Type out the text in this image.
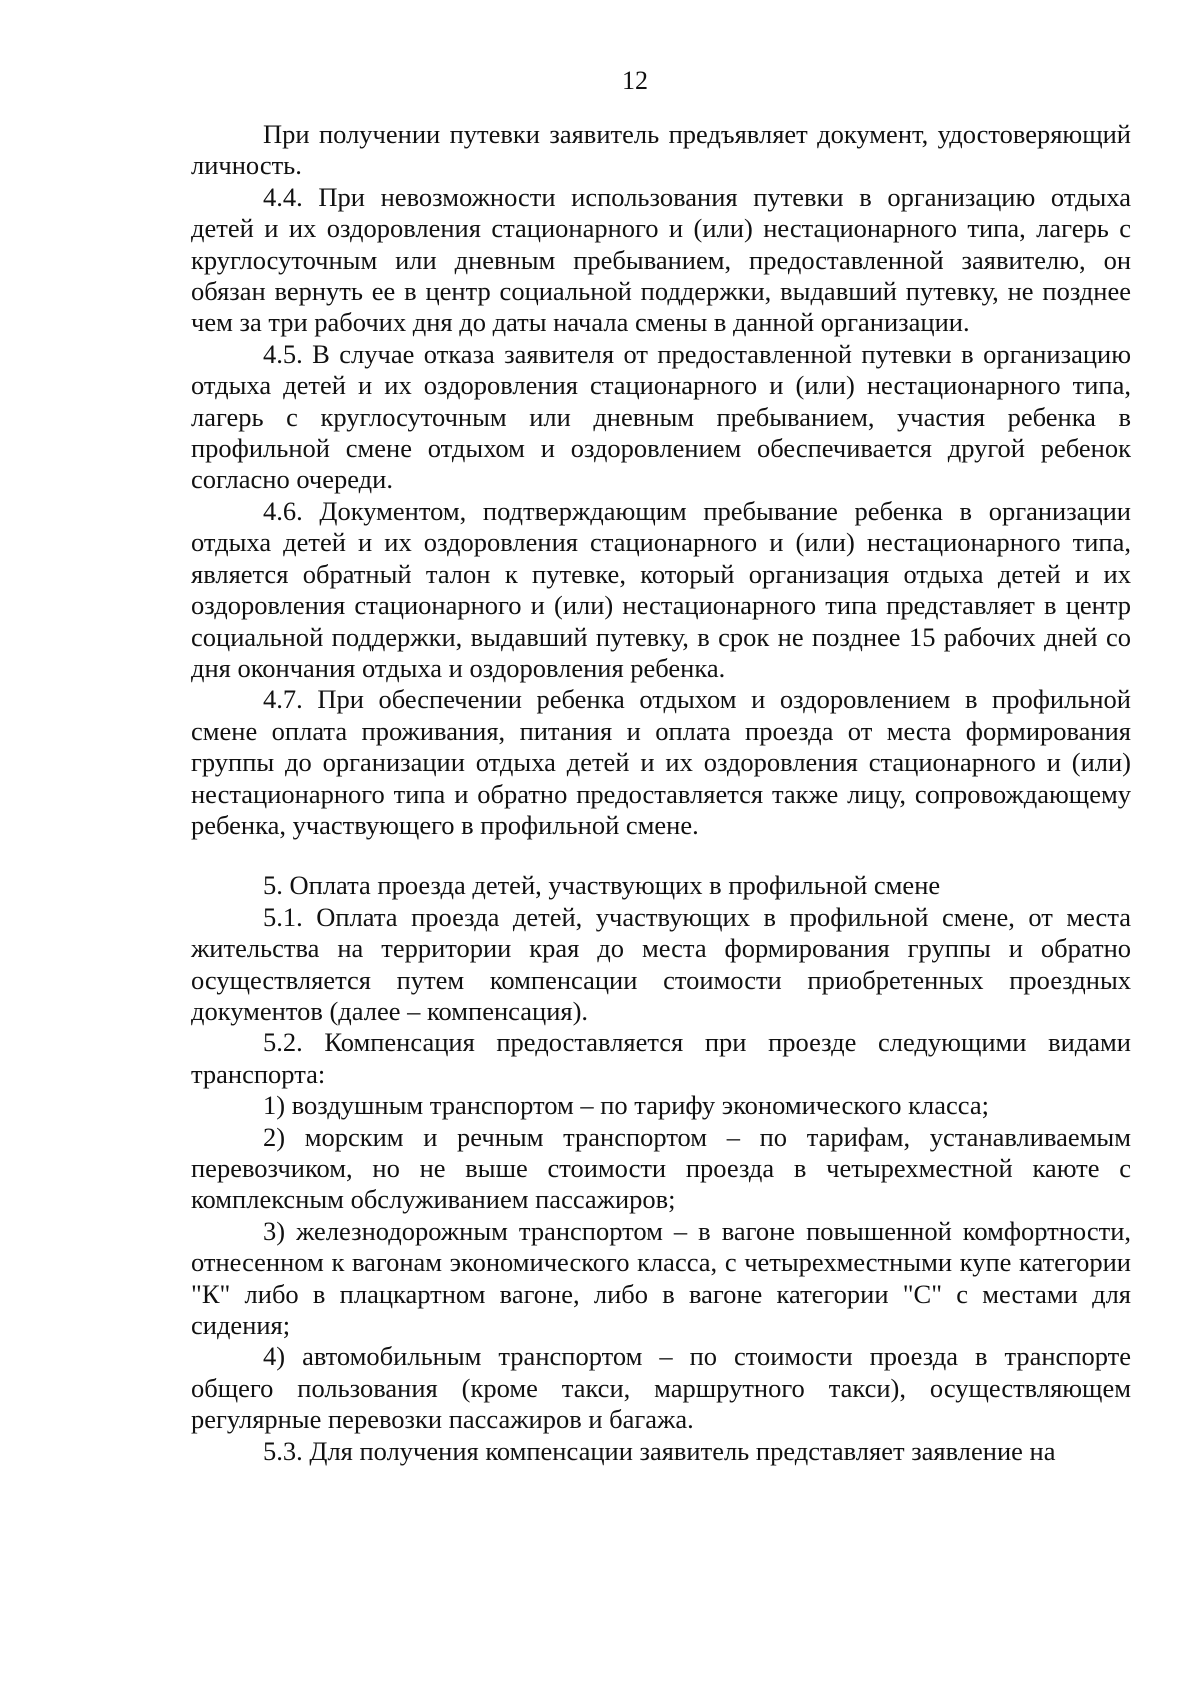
12

При получении путевки заявитель предъявляет документ, удостоверяющий личность.

4.4. При невозможности использования путевки в организацию отдыха детей и их оздоровления стационарного и (или) нестационарного типа, лагерь с круглосуточным или дневным пребыванием, предоставленной заявителю, он обязан вернуть ее в центр социальной поддержки, выдавший путевку, не позднее чем за три рабочих дня до даты начала смены в данной организации.

4.5. В случае отказа заявителя от предоставленной путевки в организацию отдыха детей и их оздоровления стационарного и (или) нестационарного типа, лагерь с круглосуточным или дневным пребыванием, участия ребенка в профильной смене отдыхом и оздоровлением обеспечивается другой ребенок согласно очереди.

4.6. Документом, подтверждающим пребывание ребенка в организации отдыха детей и их оздоровления стационарного и (или) нестационарного типа, является обратный талон к путевке, который организация отдыха детей и их оздоровления стационарного и (или) нестационарного типа представляет в центр социальной поддержки, выдавший путевку, в срок не позднее 15 рабочих дней со дня окончания отдыха и оздоровления ребенка.

4.7. При обеспечении ребенка отдыхом и оздоровлением в профильной смене оплата проживания, питания и оплата проезда от места формирования группы до организации отдыха детей и их оздоровления стационарного и (или) нестационарного типа и обратно предоставляется также лицу, сопровождающему ребенка, участвующего в профильной смене.

5. Оплата проезда детей, участвующих в профильной смене

5.1. Оплата проезда детей, участвующих в профильной смене, от места жительства на территории края до места формирования группы и обратно осуществляется путем компенсации стоимости приобретенных проездных документов (далее – компенсация).

5.2. Компенсация предоставляется при проезде следующими видами транспорта:

1) воздушным транспортом – по тарифу экономического класса;

2) морским и речным транспортом – по тарифам, устанавливаемым перевозчиком, но не выше стоимости проезда в четырехместной каюте с комплексным обслуживанием пассажиров;

3) железнодорожным транспортом – в вагоне повышенной комфортности, отнесенном к вагонам экономического класса, с четырехместными купе категории "К" либо в плацкартном вагоне, либо в вагоне категории "С" с местами для сидения;

4) автомобильным транспортом – по стоимости проезда в транспорте общего пользования (кроме такси, маршрутного такси), осуществляющем регулярные перевозки пассажиров и багажа.

5.3. Для получения компенсации заявитель представляет заявление на
